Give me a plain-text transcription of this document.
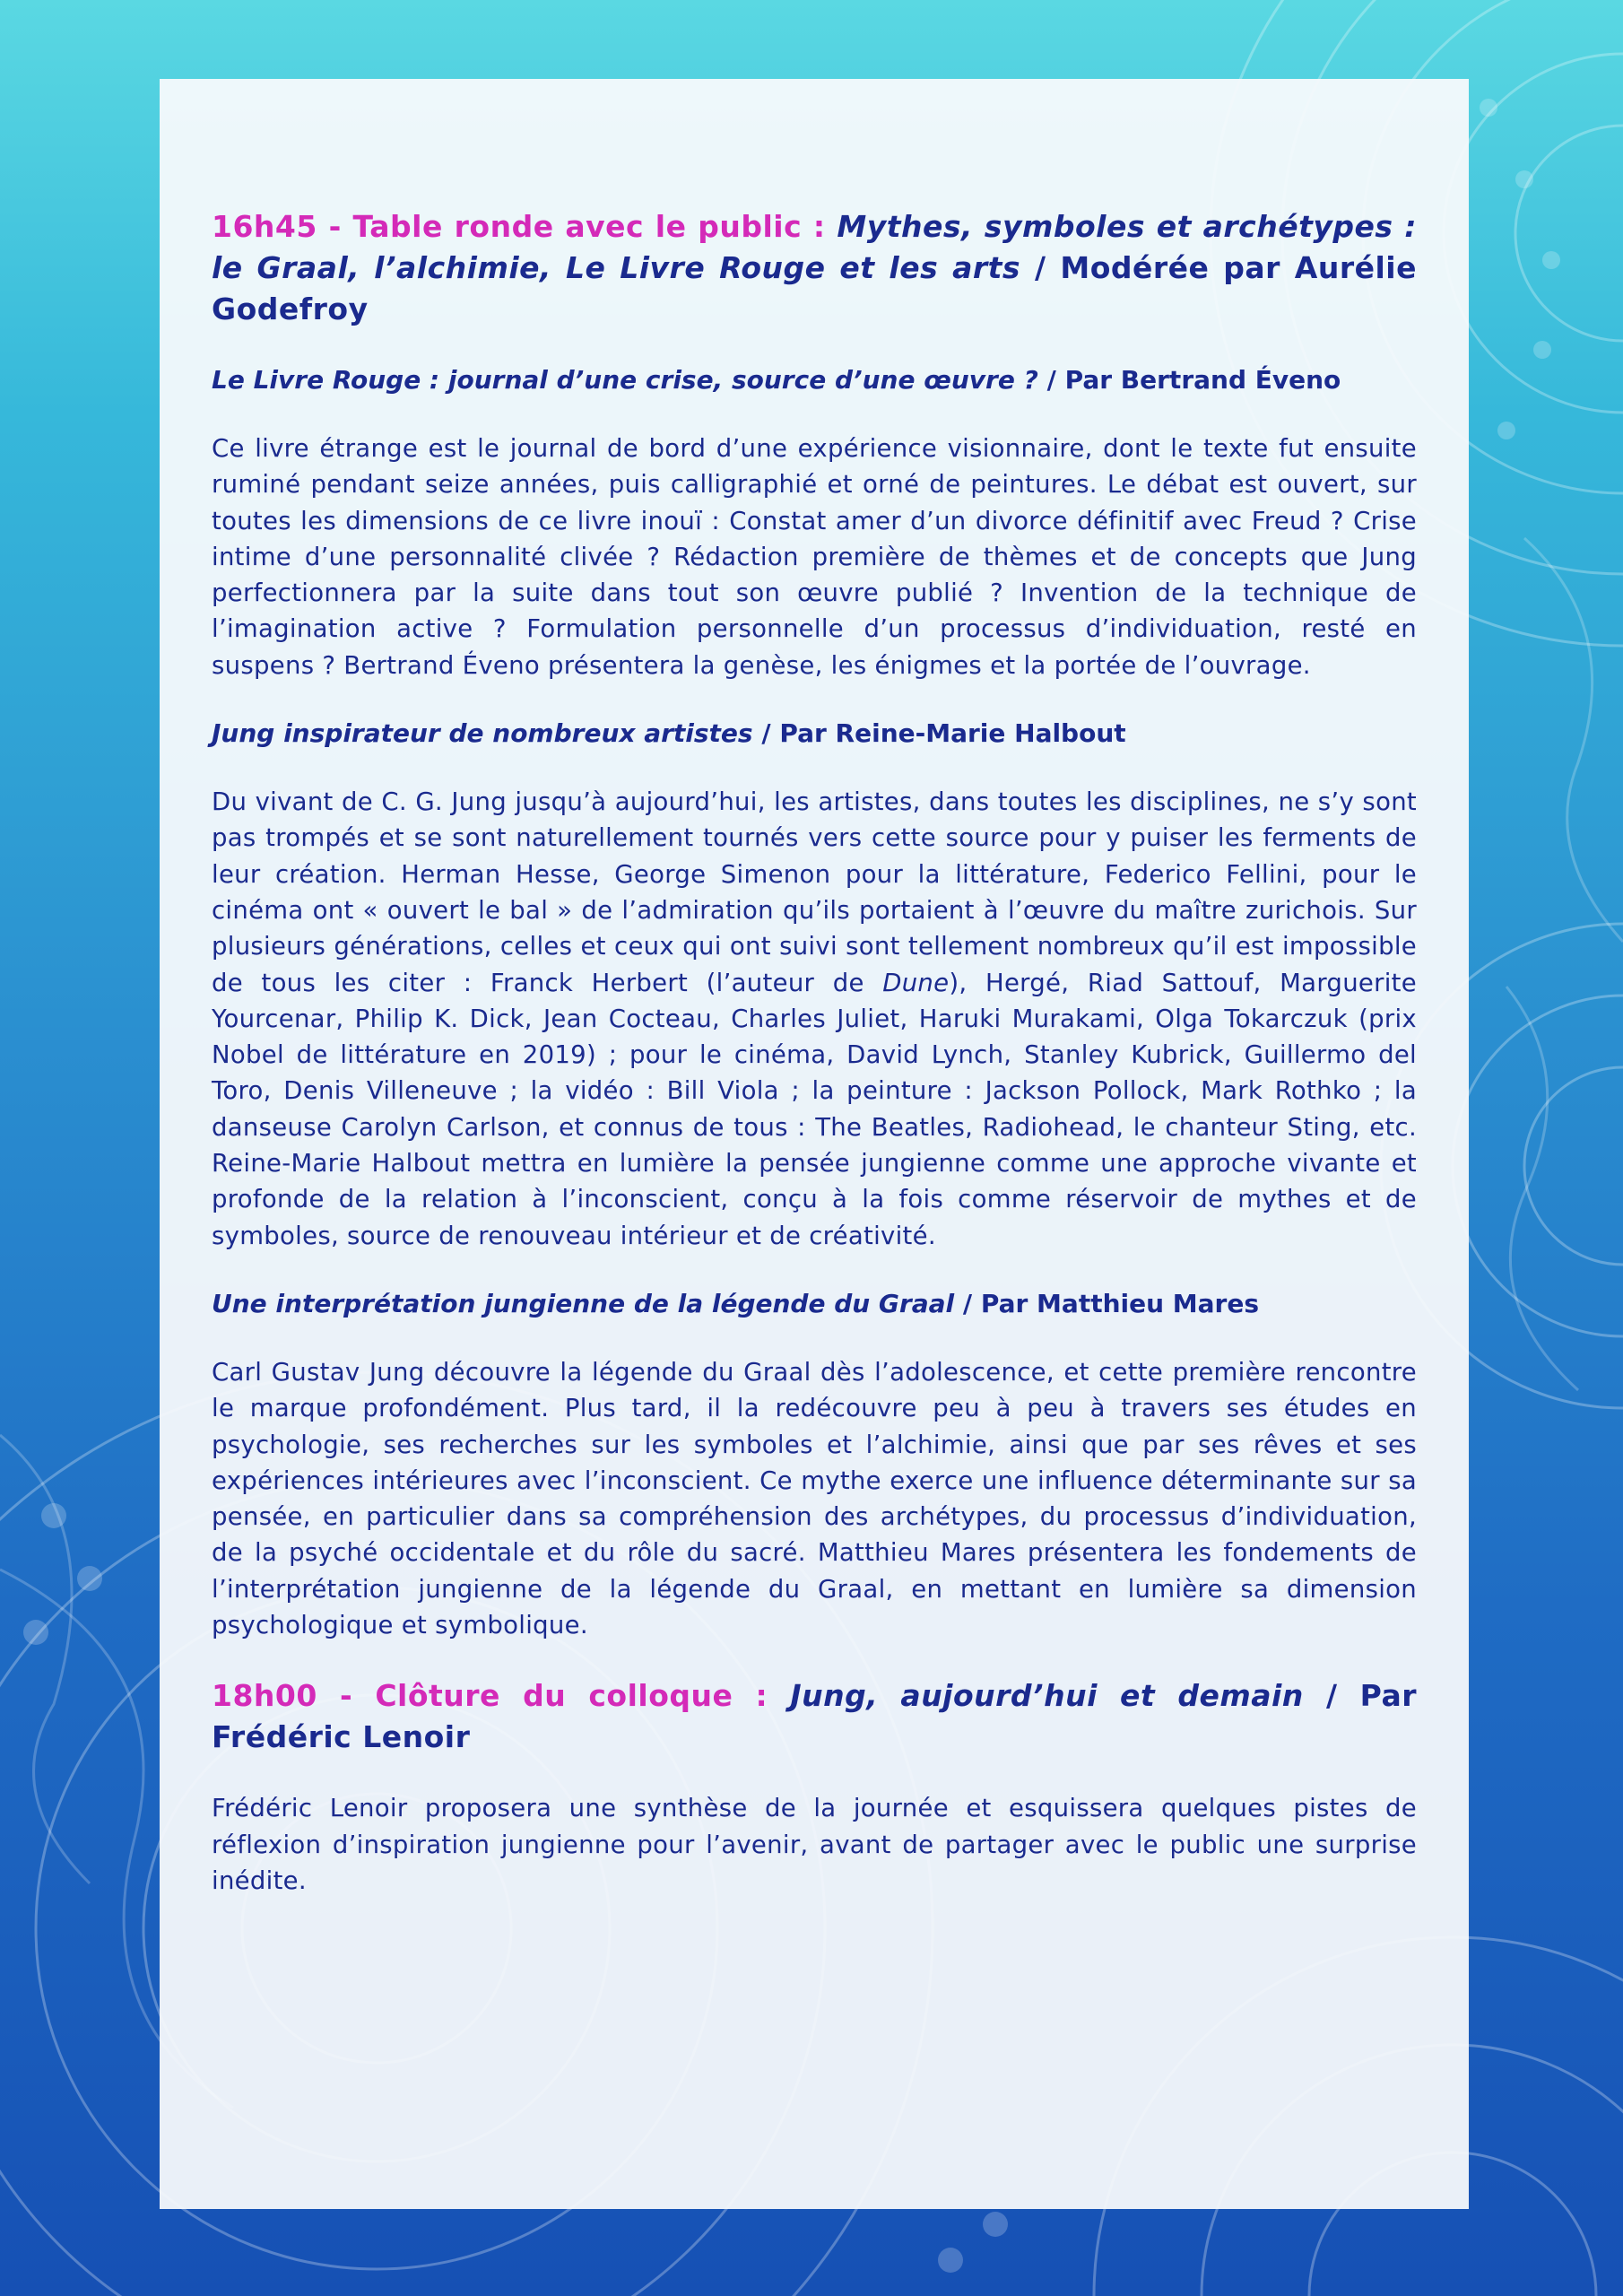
16h45 - Table ronde avec le public : Mythes, symboles et archétypes : le Graal, l’alchimie, Le Livre Rouge et les arts / Modérée par Aurélie Godefroy

Le Livre Rouge : journal d’une crise, source d’une œuvre ? / Par Bertrand Éveno

Ce livre étrange est le journal de bord d’une expérience visionnaire, dont le texte fut ensuite ruminé pendant seize années, puis calligraphié et orné de peintures. Le débat est ouvert, sur toutes les dimensions de ce livre inouï : Constat amer d’un divorce définitif avec Freud ? Crise intime d’une personnalité clivée ? Rédaction première de thèmes et de concepts que Jung perfectionnera par la suite dans tout son œuvre publié ? Invention de la technique de l’imagination active ? Formulation personnelle d’un processus d’individuation, resté en suspens ? Bertrand Éveno présentera la genèse, les énigmes et la portée de l’ouvrage.

Jung inspirateur de nombreux artistes / Par Reine-Marie Halbout

Du vivant de C. G. Jung jusqu’à aujourd’hui, les artistes, dans toutes les disciplines, ne s’y sont pas trompés et se sont naturellement tournés vers cette source pour y puiser les ferments de leur création. Herman Hesse, George Simenon pour la littérature, Federico Fellini, pour le cinéma ont « ouvert le bal » de l’admiration qu’ils portaient à l’œuvre du maître zurichois. Sur plusieurs générations, celles et ceux qui ont suivi sont tellement nombreux qu’il est impossible de tous les citer : Franck Herbert (l’auteur de Dune), Hergé, Riad Sattouf, Marguerite Yourcenar, Philip K. Dick, Jean Cocteau, Charles Juliet, Haruki Murakami, Olga Tokarczuk (prix Nobel de littérature en 2019) ; pour le cinéma, David Lynch, Stanley Kubrick, Guillermo del Toro, Denis Villeneuve ; la vidéo : Bill Viola ; la peinture : Jackson Pollock, Mark Rothko ; la danseuse Carolyn Carlson, et connus de tous : The Beatles, Radiohead, le chanteur Sting, etc. Reine-Marie Halbout mettra en lumière la pensée jungienne comme une approche vivante et profonde de la relation à l’inconscient, conçu à la fois comme réservoir de mythes et de symboles, source de renouveau intérieur et de créativité.

Une interprétation jungienne de la légende du Graal / Par Matthieu Mares

Carl Gustav Jung découvre la légende du Graal dès l’adolescence, et cette première rencontre le marque profondément. Plus tard, il la redécouvre peu à peu à travers ses études en psychologie, ses recherches sur les symboles et l’alchimie, ainsi que par ses rêves et ses expériences intérieures avec l’inconscient. Ce mythe exerce une influence déterminante sur sa pensée, en particulier dans sa compréhension des archétypes, du processus d’individuation, de la psyché occidentale et du rôle du sacré. Matthieu Mares présentera les fondements de l’interprétation jungienne de la légende du Graal, en mettant en lumière sa dimension psychologique et symbolique.

18h00 - Clôture du colloque : Jung, aujourd’hui et demain / Par Frédéric Lenoir

Frédéric Lenoir proposera une synthèse de la journée et esquissera quelques pistes de réflexion d’inspiration jungienne pour l’avenir, avant de partager avec le public une surprise inédite.
